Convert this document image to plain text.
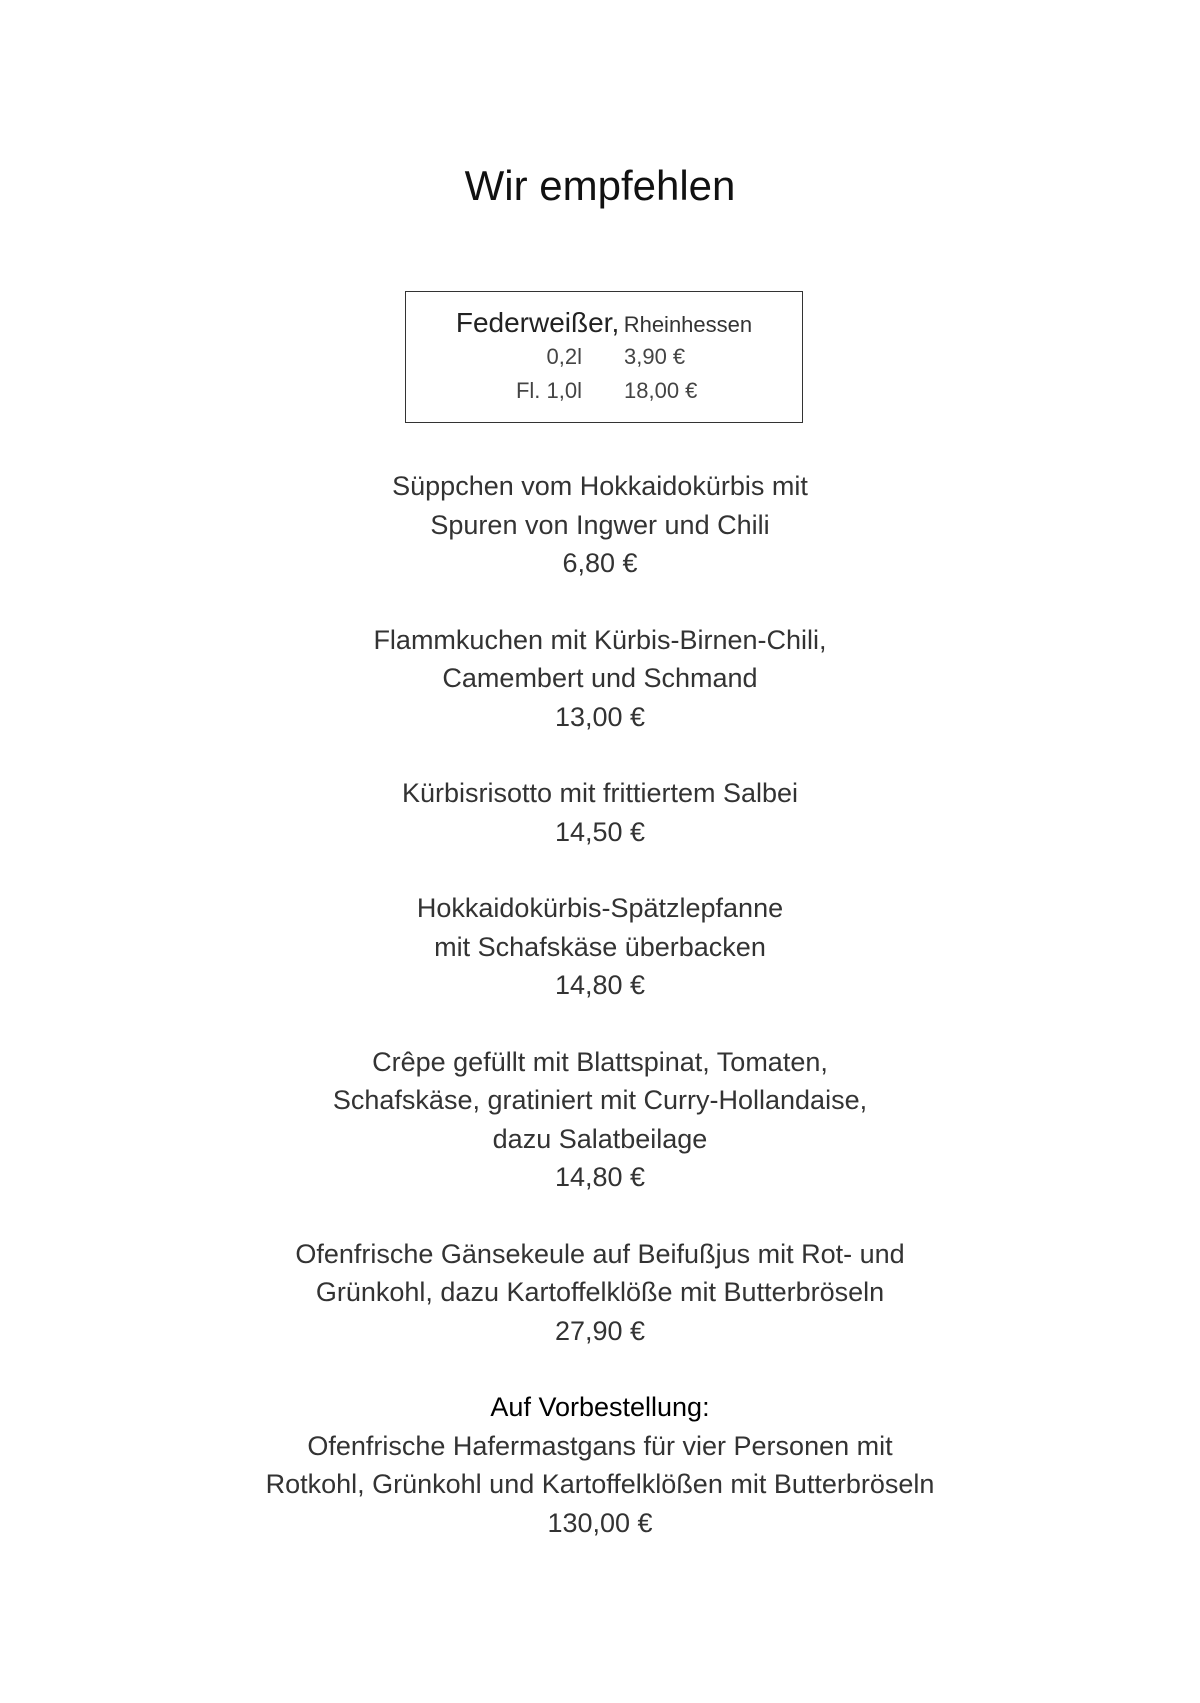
Wir empfehlen
Federweißer, Rheinhessen
0,2l 3,90 €
Fl. 1,0l 18,00 €
Süppchen vom Hokkaidokürbis mit
Spuren von Ingwer und Chili
6,80 €
Flammkuchen mit Kürbis-Birnen-Chili,
Camembert und Schmand
13,00 €
Kürbisrisotto mit frittiertem Salbei
14,50 €
Hokkaidokürbis-Spätzlepfanne
mit Schafskäse überbacken
14,80 €
Crêpe gefüllt mit Blattspinat, Tomaten,
Schafskäse, gratiniert mit Curry-Hollandaise,
dazu Salatbeilage
14,80 €
Ofenfrische Gänsekeule auf Beifußjus mit Rot- und
Grünkohl, dazu Kartoffelklöße mit Butterbröseln
27,90 €
Auf Vorbestellung:
Ofenfrische Hafermastgans für vier Personen mit
Rotkohl, Grünkohl und Kartoffelklößen mit Butterbröseln
130,00 €
